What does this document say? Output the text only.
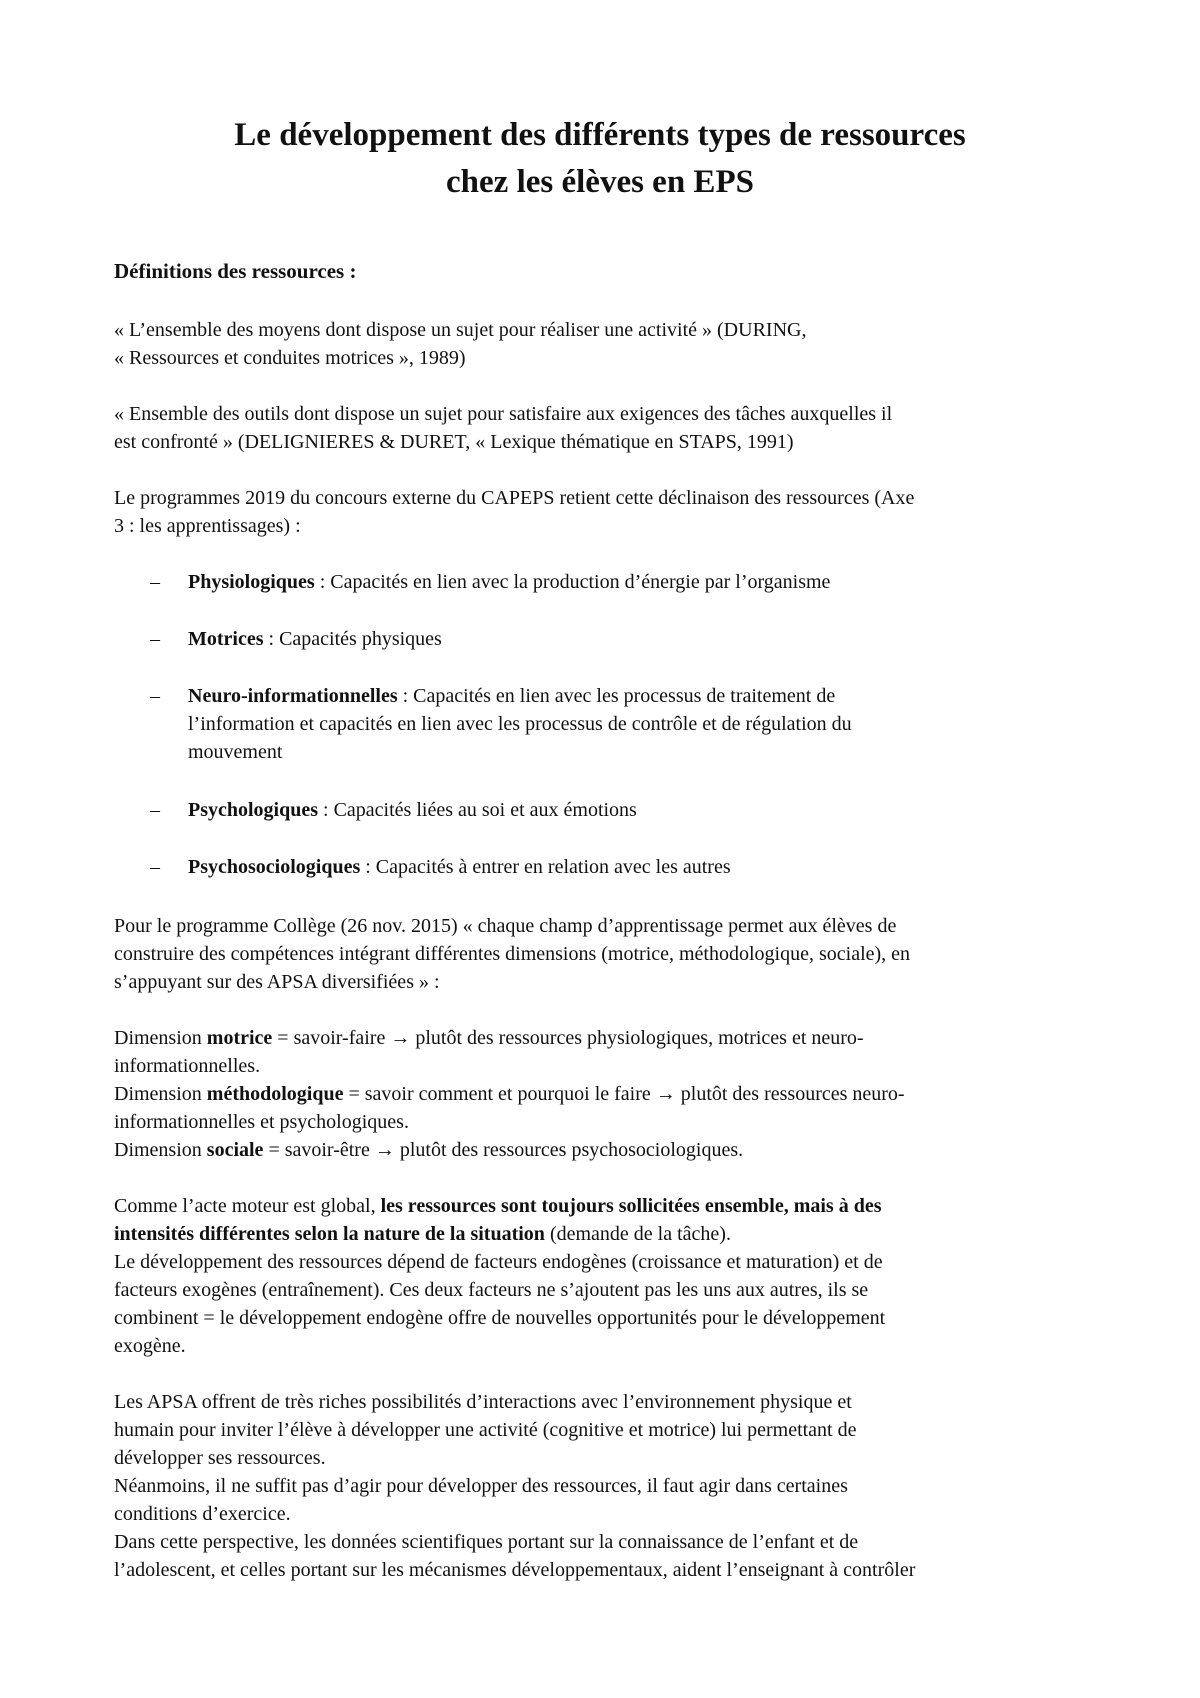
Le développement des différents types de ressources
chez les élèves en EPS

Définitions des ressources :

« L’ensemble des moyens dont dispose un sujet pour réaliser une activité » (DURING,

« Ressources et conduites motrices », 1989)

« Ensemble des outils dont dispose un sujet pour satisfaire aux exigences des tâches auxquelles il

est confronté » (DELIGNIERES & DURET, « Lexique thématique en STAPS, 1991)

Le programmes 2019 du concours externe du CAPEPS retient cette déclinaison des ressources (Axe

3 : les apprentissages) :

– Physiologiques : Capacités en lien avec la production d’énergie par l’organisme
– Motrices : Capacités physiques
– Neuro-informationnelles : Capacités en lien avec les processus de traitement de
l’information et capacités en lien avec les processus de contrôle et de régulation du
mouvement
– Psychologiques : Capacités liées au soi et aux émotions
– Psychosociologiques : Capacités à entrer en relation avec les autres

Pour le programme Collège (26 nov. 2015) « chaque champ d’apprentissage permet aux élèves de

construire des compétences intégrant différentes dimensions (motrice, méthodologique, sociale), en

s’appuyant sur des APSA diversifiées » :

Dimension motrice = savoir-faire → plutôt des ressources physiologiques, motrices et neuro-

informationnelles.

Dimension méthodologique = savoir comment et pourquoi le faire → plutôt des ressources neuro-

informationnelles et psychologiques.

Dimension sociale = savoir-être → plutôt des ressources psychosociologiques.

Comme l’acte moteur est global, les ressources sont toujours sollicitées ensemble, mais à des

intensités différentes selon la nature de la situation (demande de la tâche).

Le développement des ressources dépend de facteurs endogènes (croissance et maturation) et de

facteurs exogènes (entraînement). Ces deux facteurs ne s’ajoutent pas les uns aux autres, ils se

combinent = le développement endogène offre de nouvelles opportunités pour le développement

exogène.

Les APSA offrent de très riches possibilités d’interactions avec l’environnement physique et

humain pour inviter l’élève à développer une activité (cognitive et motrice) lui permettant de

développer ses ressources.

Néanmoins, il ne suffit pas d’agir pour développer des ressources, il faut agir dans certaines

conditions d’exercice.

Dans cette perspective, les données scientifiques portant sur la connaissance de l’enfant et de

l’adolescent, et celles portant sur les mécanismes développementaux, aident l’enseignant à contrôler
